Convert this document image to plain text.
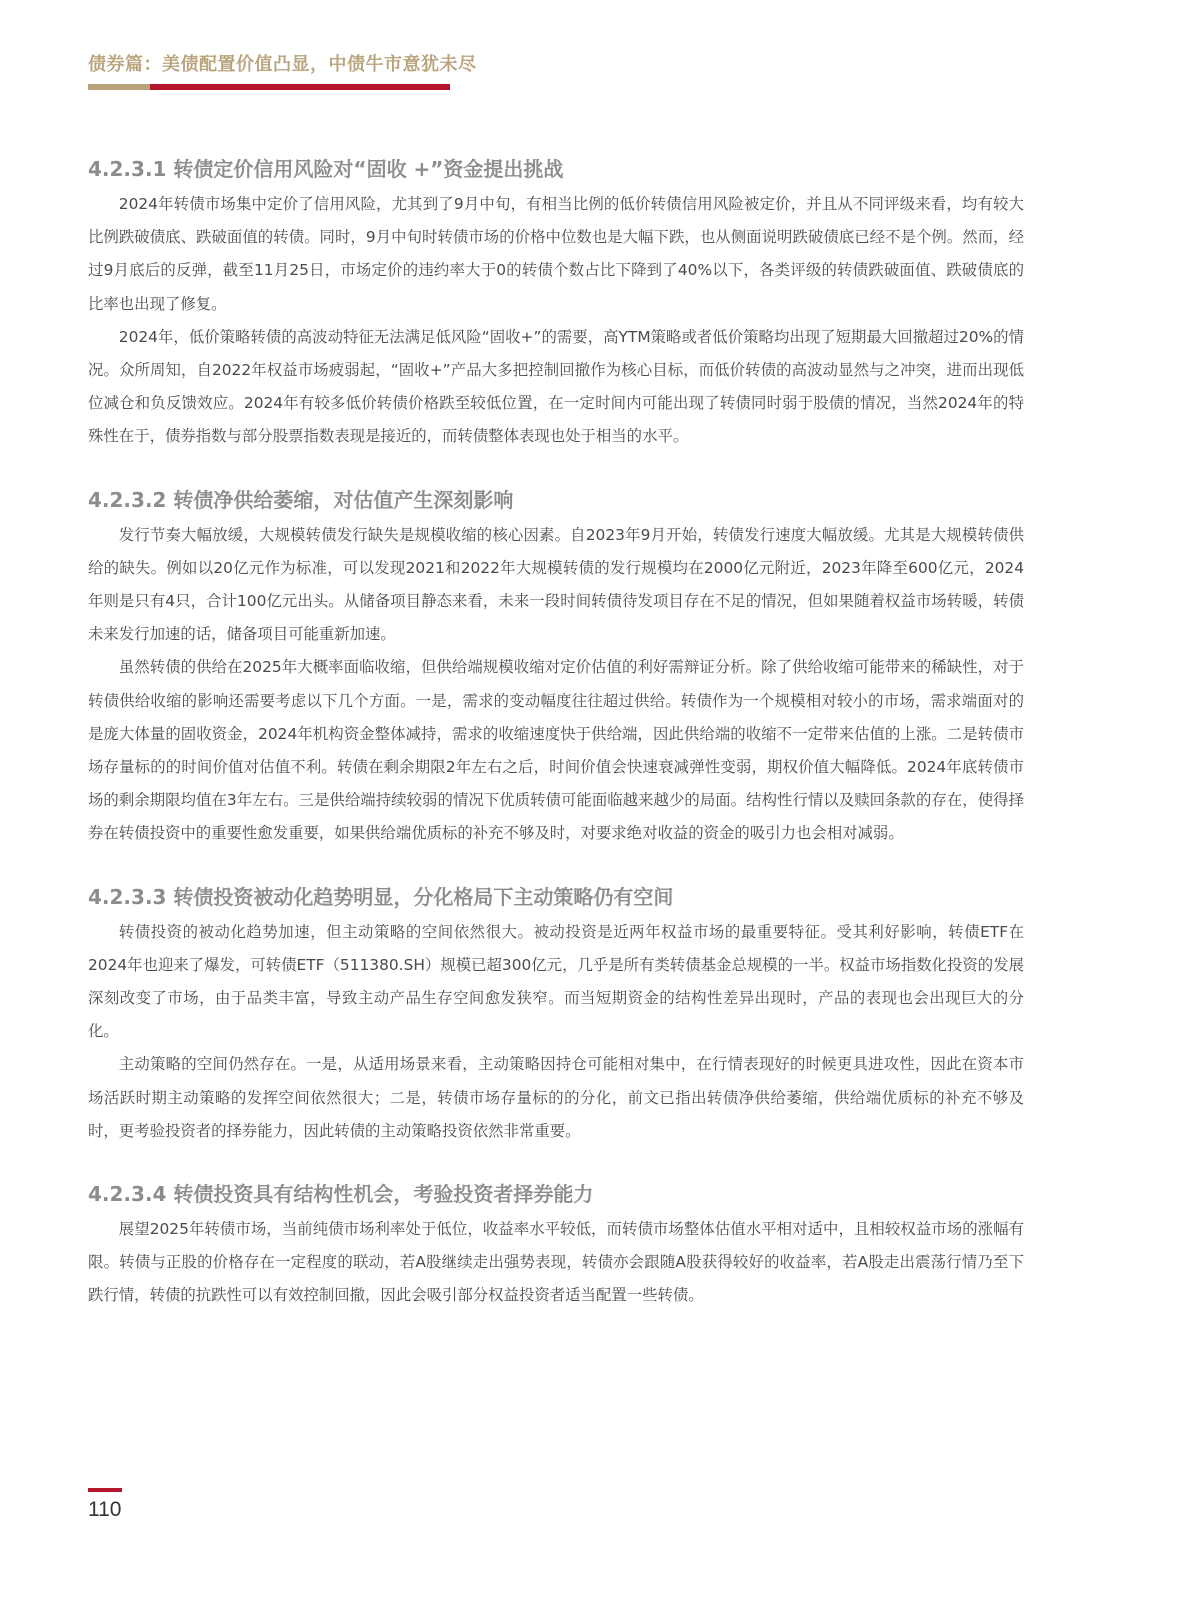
债券篇：美债配置价值凸显，中债牛市意犹未尽
4.2.3.1 转债定价信用风险对“固收 +”资金提出挑战

2024年转债市场集中定价了信用风险，尤其到了9月中旬，有相当比例的低价转债信用风险被定价，并且从不同评级来看，均有较大比例跌破债底、跌破面值的转债。同时，9月中旬时转债市场的价格中位数也是大幅下跌，也从侧面说明跌破债底已经不是个例。然而，经过9月底后的反弹，截至11月25日，市场定价的违约率大于0的转债个数占比下降到了40%以下，各类评级的转债跌破面值、跌破债底的比率也出现了修复。

2024年，低价策略转债的高波动特征无法满足低风险“固收+”的需要，高YTM策略或者低价策略均出现了短期最大回撤超过20%的情况。众所周知，自2022年权益市场疲弱起，“固收+”产品大多把控制回撤作为核心目标，而低价转债的高波动显然与之冲突，进而出现低位减仓和负反馈效应。2024年有较多低价转债价格跌至较低位置，在一定时间内可能出现了转债同时弱于股债的情况，当然2024年的特殊性在于，债券指数与部分股票指数表现是接近的，而转债整体表现也处于相当的水平。

4.2.3.2 转债净供给萎缩，对估值产生深刻影响

发行节奏大幅放缓，大规模转债发行缺失是规模收缩的核心因素。自2023年9月开始，转债发行速度大幅放缓。尤其是大规模转债供给的缺失。例如以20亿元作为标准，可以发现2021和2022年大规模转债的发行规模均在2000亿元附近，2023年降至600亿元，2024年则是只有4只，合计100亿元出头。从储备项目静态来看，未来一段时间转债待发项目存在不足的情况，但如果随着权益市场转暖，转债未来发行加速的话，储备项目可能重新加速。

虽然转债的供给在2025年大概率面临收缩，但供给端规模收缩对定价估值的利好需辩证分析。除了供给收缩可能带来的稀缺性，对于转债供给收缩的影响还需要考虑以下几个方面。一是，需求的变动幅度往往超过供给。转债作为一个规模相对较小的市场，需求端面对的是庞大体量的固收资金，2024年机构资金整体减持，需求的收缩速度快于供给端，因此供给端的收缩不一定带来估值的上涨。二是转债市场存量标的的时间价值对估值不利。转债在剩余期限2年左右之后，时间价值会快速衰减弹性变弱，期权价值大幅降低。2024年底转债市场的剩余期限均值在3年左右。三是供给端持续较弱的情况下优质转债可能面临越来越少的局面。结构性行情以及赎回条款的存在，使得择券在转债投资中的重要性愈发重要，如果供给端优质标的补充不够及时，对要求绝对收益的资金的吸引力也会相对减弱。

4.2.3.3 转债投资被动化趋势明显，分化格局下主动策略仍有空间

转债投资的被动化趋势加速，但主动策略的空间依然很大。被动投资是近两年权益市场的最重要特征。受其利好影响，转债ETF在2024年也迎来了爆发，可转债ETF（511380.SH）规模已超300亿元，几乎是所有类转债基金总规模的一半。权益市场指数化投资的发展深刻改变了市场，由于品类丰富，导致主动产品生存空间愈发狭窄。而当短期资金的结构性差异出现时，产品的表现也会出现巨大的分化。

主动策略的空间仍然存在。一是，从适用场景来看，主动策略因持仓可能相对集中，在行情表现好的时候更具进攻性，因此在资本市场活跃时期主动策略的发挥空间依然很大；二是，转债市场存量标的的分化，前文已指出转债净供给萎缩，供给端优质标的补充不够及时，更考验投资者的择券能力，因此转债的主动策略投资依然非常重要。

4.2.3.4 转债投资具有结构性机会，考验投资者择券能力

展望2025年转债市场，当前纯债市场利率处于低位，收益率水平较低，而转债市场整体估值水平相对适中，且相较权益市场的涨幅有限。转债与正股的价格存在一定程度的联动，若A股继续走出强势表现，转债亦会跟随A股获得较好的收益率，若A股走出震荡行情乃至下跌行情，转债的抗跌性可以有效控制回撤，因此会吸引部分权益投资者适当配置一些转债。

110
